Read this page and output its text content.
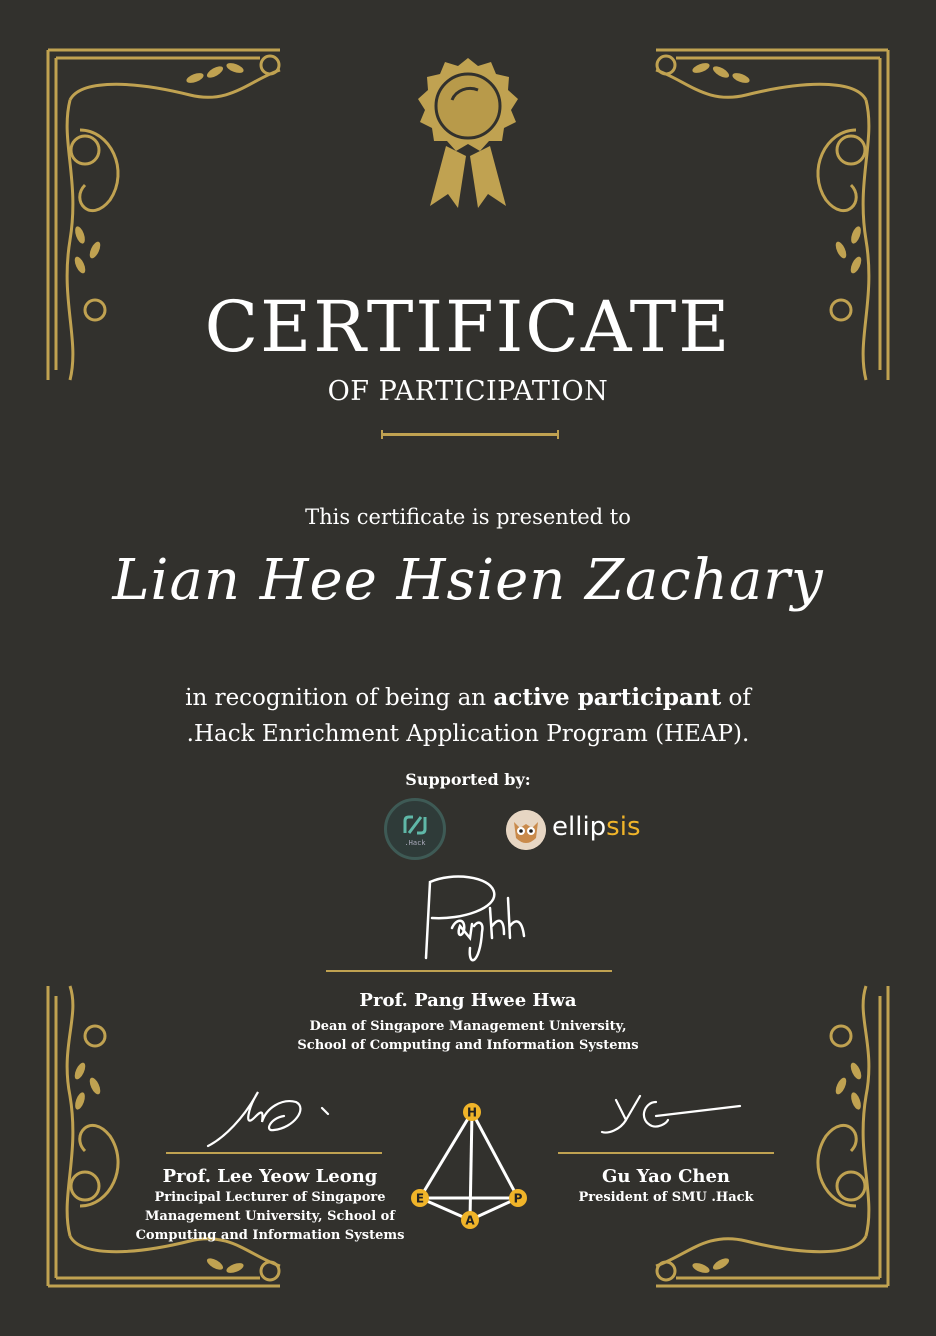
CERTIFICATE
OF PARTICIPATION
This certificate is presented to
Lian Hee Hsien Zachary
in recognition of being an active participant of
.Hack Enrichment Application Program (HEAP).
Supported by:
.Hack
ellipsis
Prof. Pang Hwee Hwa
Dean of Singapore Management University,
School of Computing and Information Systems
Prof. Lee Yeow Leong
Principal Lecturer of Singapore
Management University, School of
Computing and Information Systems
Gu Yao Chen
President of SMU .Hack
H
E
A
P
